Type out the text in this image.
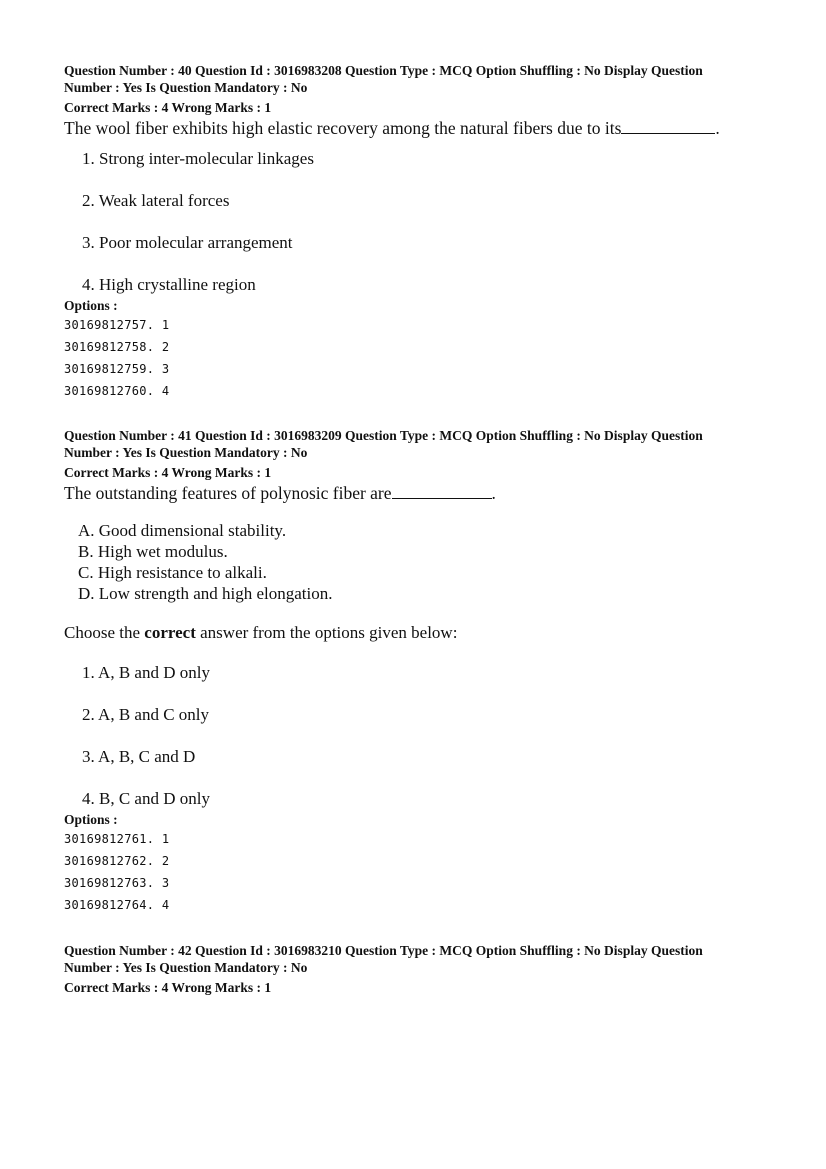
Question Number : 40 Question Id : 3016983208 Question Type : MCQ Option Shuffling : No Display Question
Number : Yes Is Question Mandatory : No
Correct Marks : 4 Wrong Marks : 1
The wool fiber exhibits high elastic recovery among the natural fibers due to its	.
1. Strong inter-molecular linkages
2. Weak lateral forces
3. Poor molecular arrangement
4. High crystalline region
Options :
30169812757. 1
30169812758. 2
30169812759. 3
30169812760. 4
Question Number : 41 Question Id : 3016983209 Question Type : MCQ Option Shuffling : No Display Question
Number : Yes Is Question Mandatory : No
Correct Marks : 4 Wrong Marks : 1
The outstanding features of polynosic fiber are	.
A. Good dimensional stability.
B. High wet modulus.
C. High resistance to alkali.
D. Low strength and high elongation.
Choose the correct answer from the options given below:
1. A, B and D only
2. A, B and C only
3. A, B, C and D
4. B, C and D only
Options :
30169812761. 1
30169812762. 2
30169812763. 3
30169812764. 4
Question Number : 42 Question Id : 3016983210 Question Type : MCQ Option Shuffling : No Display Question
Number : Yes Is Question Mandatory : No
Correct Marks : 4 Wrong Marks : 1
